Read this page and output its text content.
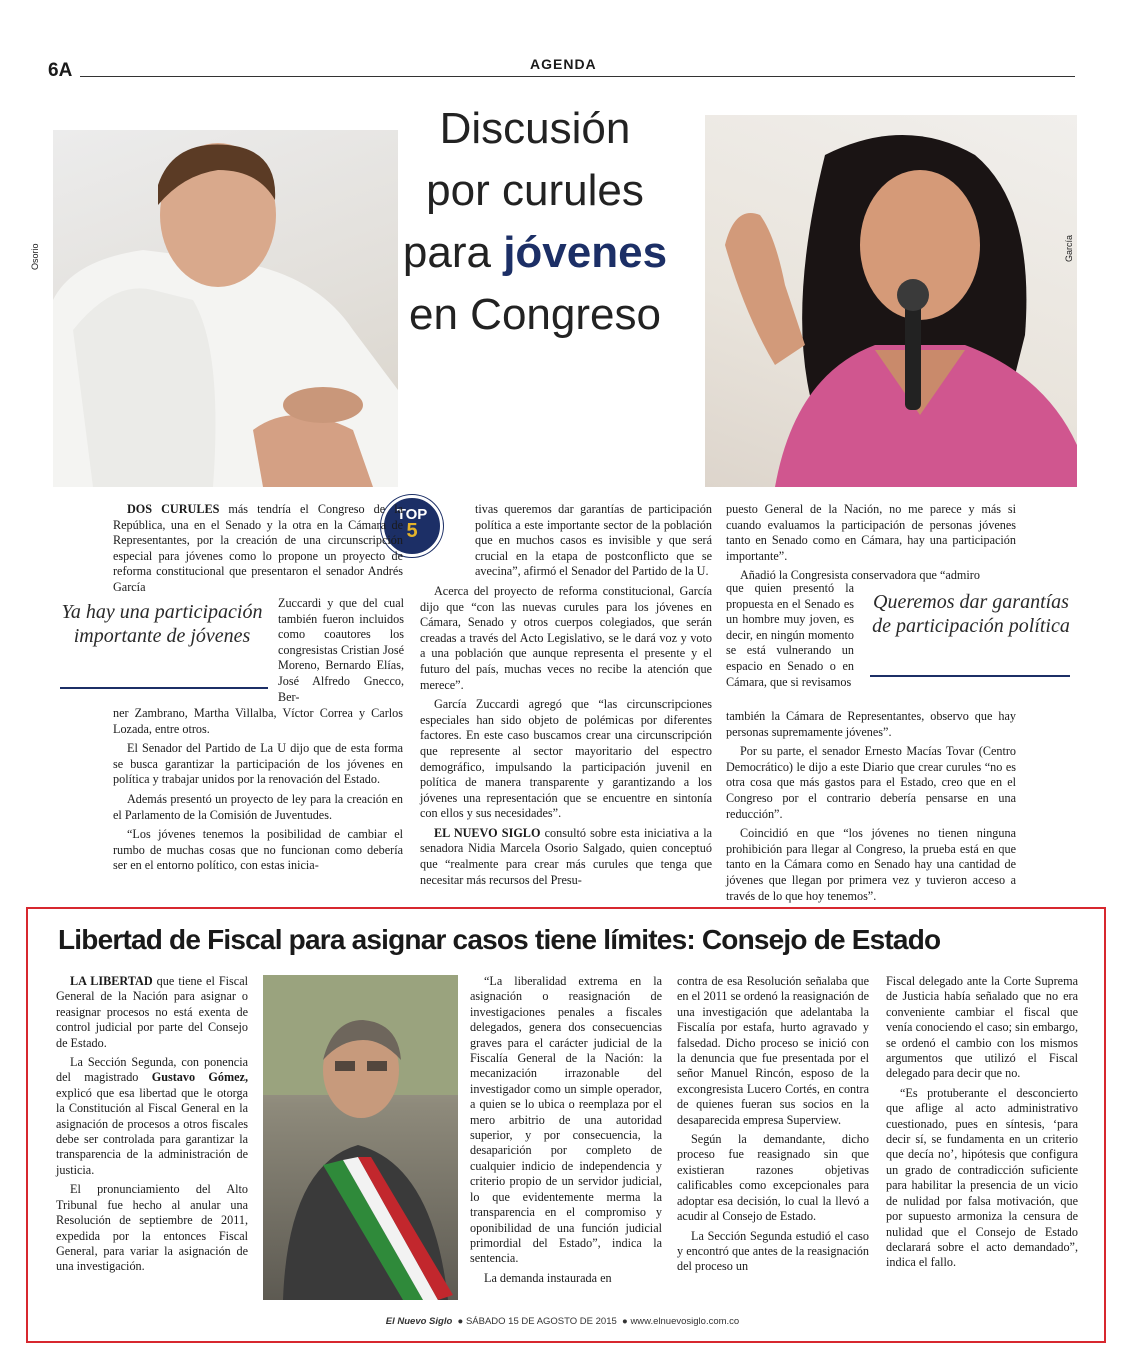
6A	AGENDA
Osorio	García
Discusión
por curules
para jóvenes
en Congreso
TOP
5

DOS CURULES más tendría el Congreso de la República, una en el Senado y la otra en la Cámara de Representantes, por la creación de una circunscripción especial para jóvenes como lo propone un proyecto de reforma constitucional que presentaron el senador Andrés García

Zuccardi y que del cual también fueron incluidos como coautores los congresistas Cristian José Moreno, Bernardo Elías, José Alfredo Gnecco, Ber-

Ya hay una participación importante de jóvenes

ner Zambrano, Martha Villalba, Víctor Correa y Carlos Lozada, entre otros.

El Senador del Partido de La U dijo que de esta forma se busca garantizar la participación de los jóvenes en política y trabajar unidos por la renovación del Estado.

Además presentó un proyecto de ley para la creación en el Parlamento de la Comisión de Juventudes.

“Los jóvenes tenemos la posibilidad de cambiar el rumbo de muchas cosas que no funcionan como debería ser en el entorno político, con estas inicia-

tivas queremos dar garantías de participación política a este importante sector de la población que en muchos casos es invisible y que será crucial en la etapa de postconflicto que se avecina”, afirmó el Senador del Partido de la U.

Acerca del proyecto de reforma constitucional, García dijo que “con las nuevas curules para los jóvenes en Cámara, Senado y otros cuerpos colegiados, que serán creadas a través del Acto Legislativo, se le dará voz y voto a una población que aunque representa el presente y el futuro del país, muchas veces no recibe la atención que merece”.

García Zuccardi agregó que “las circunscripciones especiales han sido objeto de polémicas por diferentes factores. En este caso buscamos crear una circunscripción que represente al sector mayoritario del espectro demográfico, impulsando la participación juvenil en política de manera transparente y garantizando a los jóvenes una representación que se encuentre en sintonía con ellos y sus necesidades”.

EL NUEVO SIGLO consultó sobre esta iniciativa a la senadora Nidia Marcela Osorio Salgado, quien conceptuó que “realmente para crear más curules que tenga que necesitar más recursos del Presu-

puesto General de la Nación, no me parece y más si cuando evaluamos la participación de personas jóvenes tanto en Senado como en Cámara, hay una participación importante”.

Añadió la Congresista conservadora que “admiro

que quien presentó la propuesta en el Senado es un hombre muy joven, es decir, en ningún momento se está vulnerando un espacio en Senado o en Cámara, que si revisamos

Queremos dar garantías de participación política

también la Cámara de Representantes, observo que hay personas supremamente jóvenes”.

Por su parte, el senador Ernesto Macías Tovar (Centro Democrático) le dijo a este Diario que crear curules “no es otra cosa que más gastos para el Estado, creo que en el Congreso por el contrario debería pensarse en una reducción”.

Coincidió en que “los jóvenes no tienen ninguna prohibición para llegar al Congreso, la prueba está en que tanto en la Cámara como en Senado hay una cantidad de jóvenes que llegan por primera vez y tuvieron acceso a través de lo que hoy tenemos”.

Libertad de Fiscal para asignar casos tiene límites: Consejo de Estado

LA LIBERTAD que tiene el Fiscal General de la Nación para asignar o reasignar procesos no está exenta de control judicial por parte del Consejo de Estado.

La Sección Segunda, con ponencia del magistrado Gustavo Gómez, explicó que esa libertad que le otorga la Constitución al Fiscal General en la asignación de procesos a otros fiscales debe ser controlada para garantizar la transparencia de la administración de justicia.

El pronunciamiento del Alto Tribunal fue hecho al anular una Resolución de septiembre de 2011, expedida por la entonces Fiscal General, para variar la asignación de una investigación.

“La liberalidad extrema en la asignación o reasignación de investigaciones penales a fiscales delegados, genera dos consecuencias graves para el carácter judicial de la Fiscalía General de la Nación: la mecanización irrazonable del investigador como un simple operador, a quien se lo ubica o reemplaza por el mero arbitrio de una autoridad superior, y por consecuencia, la desaparición por completo de cualquier indicio de independencia y criterio propio de un servidor judicial, lo que evidentemente merma la transparencia en el compromiso y oponibilidad de una función judicial primordial del Estado”, indica la sentencia.

La demanda instaurada en

contra de esa Resolución señalaba que en el 2011 se ordenó la reasignación de una investigación que adelantaba la Fiscalía por estafa, hurto agravado y falsedad. Dicho proceso se inició con la denuncia que fue presentada por el señor Manuel Rincón, esposo de la excongresista Lucero Cortés, en contra de quienes fueran sus socios en la desaparecida empresa Superview.

Según la demandante, dicho proceso fue reasignado sin que existieran razones objetivas calificables como excepcionales para adoptar esa decisión, lo cual la llevó a acudir al Consejo de Estado.

La Sección Segunda estudió el caso y encontró que antes de la reasignación del proceso un

Fiscal delegado ante la Corte Suprema de Justicia había señalado que no era conveniente cambiar el fiscal que venía conociendo el caso; sin embargo, se ordenó el cambio con los mismos argumentos que utilizó el Fiscal delegado para decir que no.

“Es protuberante el desconcierto que aflige al acto administrativo cuestionado, pues en síntesis, ‘para decir sí, se fundamenta en un criterio que decía no’, hipótesis que configura un grado de contradicción suficiente para habilitar la presencia de un vicio de nulidad por falsa motivación, que por supuesto armoniza la censura de nulidad que el Consejo de Estado declarará sobre el acto demandado”, indica el fallo.

El Nuevo Siglo  ● SÁBADO 15 DE AGOSTO DE 2015  ● www.elnuevosiglo.com.co
